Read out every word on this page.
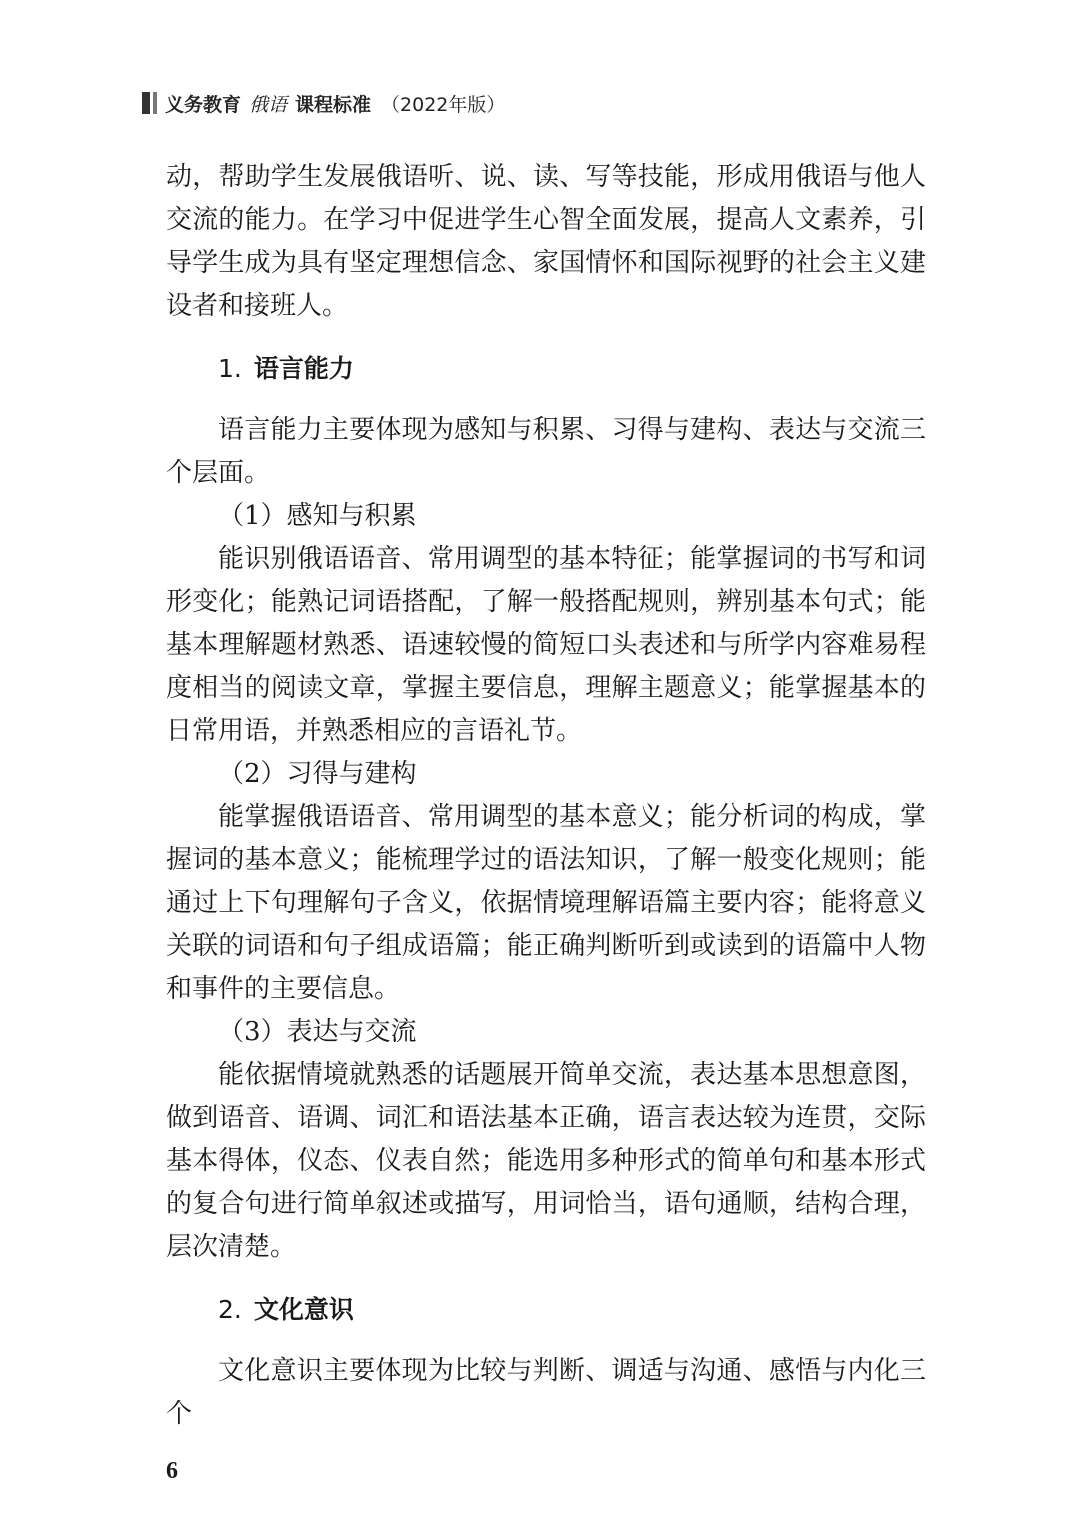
义务教育 俄语 课程标准 （2022年版）

动，帮助学生发展俄语听、说、读、写等技能，形成用俄语与他人交流的能力。在学习中促进学生心智全面发展，提高人文素养，引导学生成为具有坚定理想信念、家国情怀和国际视野的社会主义建设者和接班人。

1. 语言能力

语言能力主要体现为感知与积累、习得与建构、表达与交流三个层面。

（1）感知与积累

能识别俄语语音、常用调型的基本特征；能掌握词的书写和词形变化；能熟记词语搭配，了解一般搭配规则，辨别基本句式；能基本理解题材熟悉、语速较慢的简短口头表述和与所学内容难易程度相当的阅读文章，掌握主要信息，理解主题意义；能掌握基本的日常用语，并熟悉相应的言语礼节。

（2）习得与建构

能掌握俄语语音、常用调型的基本意义；能分析词的构成，掌握词的基本意义；能梳理学过的语法知识，了解一般变化规则；能通过上下句理解句子含义，依据情境理解语篇主要内容；能将意义关联的词语和句子组成语篇；能正确判断听到或读到的语篇中人物和事件的主要信息。

（3）表达与交流

能依据情境就熟悉的话题展开简单交流，表达基本思想意图，做到语音、语调、词汇和语法基本正确，语言表达较为连贯，交际基本得体，仪态、仪表自然；能选用多种形式的简单句和基本形式的复合句进行简单叙述或描写，用词恰当，语句通顺，结构合理，层次清楚。

2. 文化意识

文化意识主要体现为比较与判断、调适与沟通、感悟与内化三个

6
